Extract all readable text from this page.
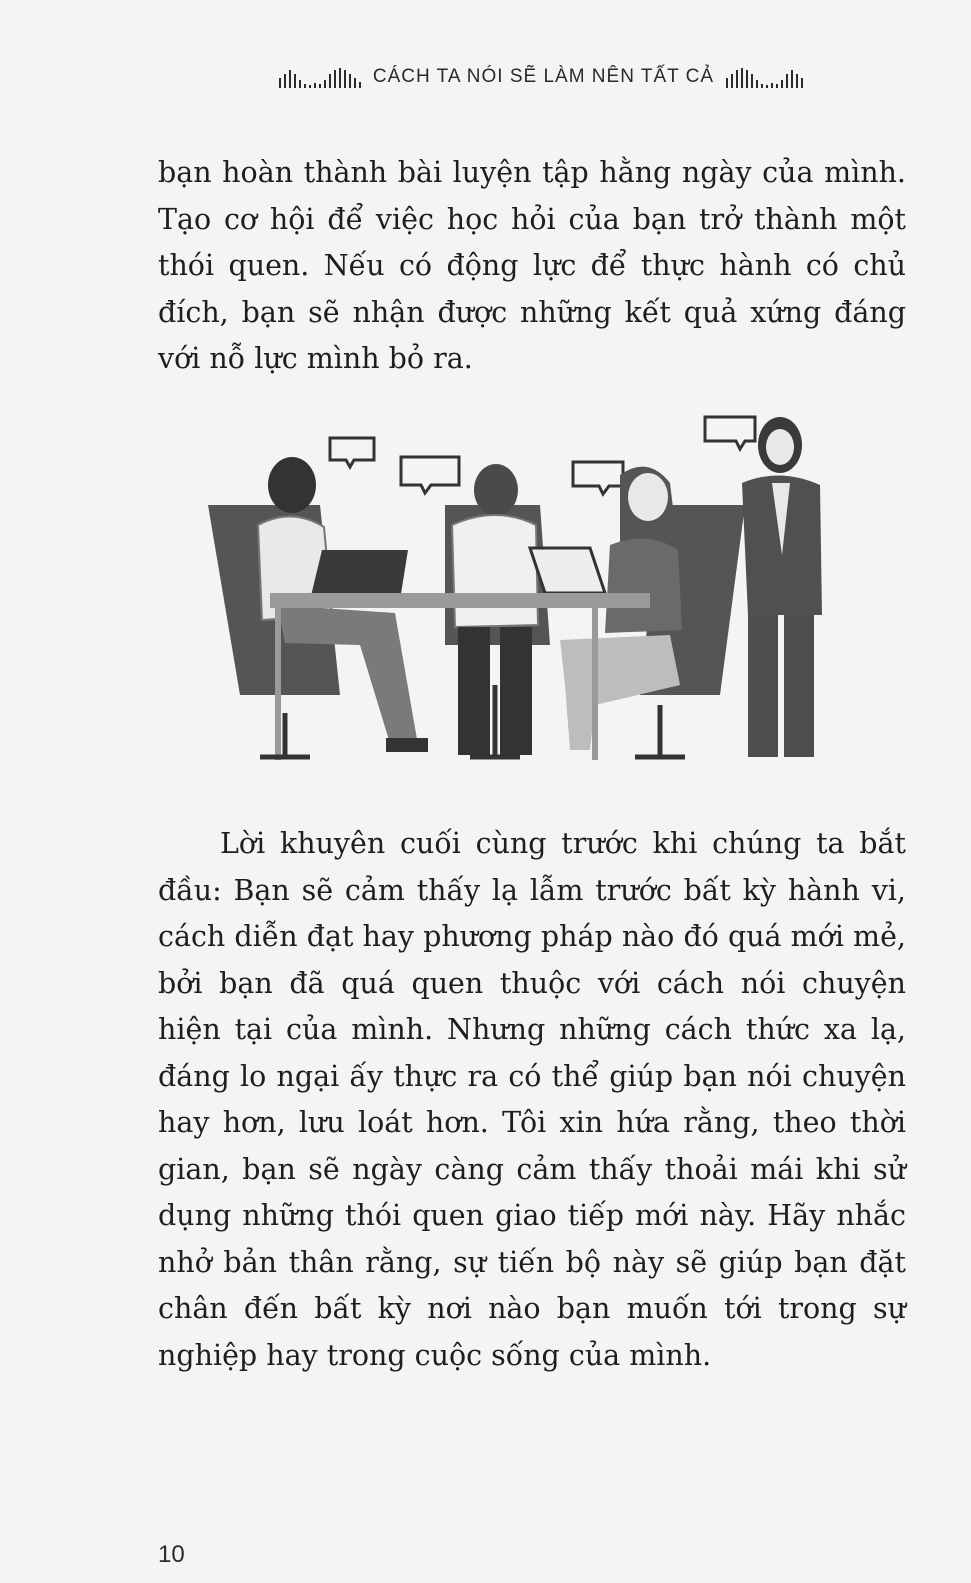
CÁCH TA NÓI SẼ LÀM NÊN TẤT CẢ

bạn hoàn thành bài luyện tập hằng ngày của mình. Tạo cơ hội để việc học hỏi của bạn trở thành một thói quen. Nếu có động lực để thực hành có chủ đích, bạn sẽ nhận được những kết quả xứng đáng với nỗ lực mình bỏ ra.

Lời khuyên cuối cùng trước khi chúng ta bắt đầu: Bạn sẽ cảm thấy lạ lẫm trước bất kỳ hành vi, cách diễn đạt hay phương pháp nào đó quá mới mẻ, bởi bạn đã quá quen thuộc với cách nói chuyện hiện tại của mình. Nhưng những cách thức xa lạ, đáng lo ngại ấy thực ra có thể giúp bạn nói chuyện hay hơn, lưu loát hơn. Tôi xin hứa rằng, theo thời gian, bạn sẽ ngày càng cảm thấy thoải mái khi sử dụng những thói quen giao tiếp mới này. Hãy nhắc nhở bản thân rằng, sự tiến bộ này sẽ giúp bạn đặt chân đến bất kỳ nơi nào bạn muốn tới trong sự nghiệp hay trong cuộc sống của mình.

10
